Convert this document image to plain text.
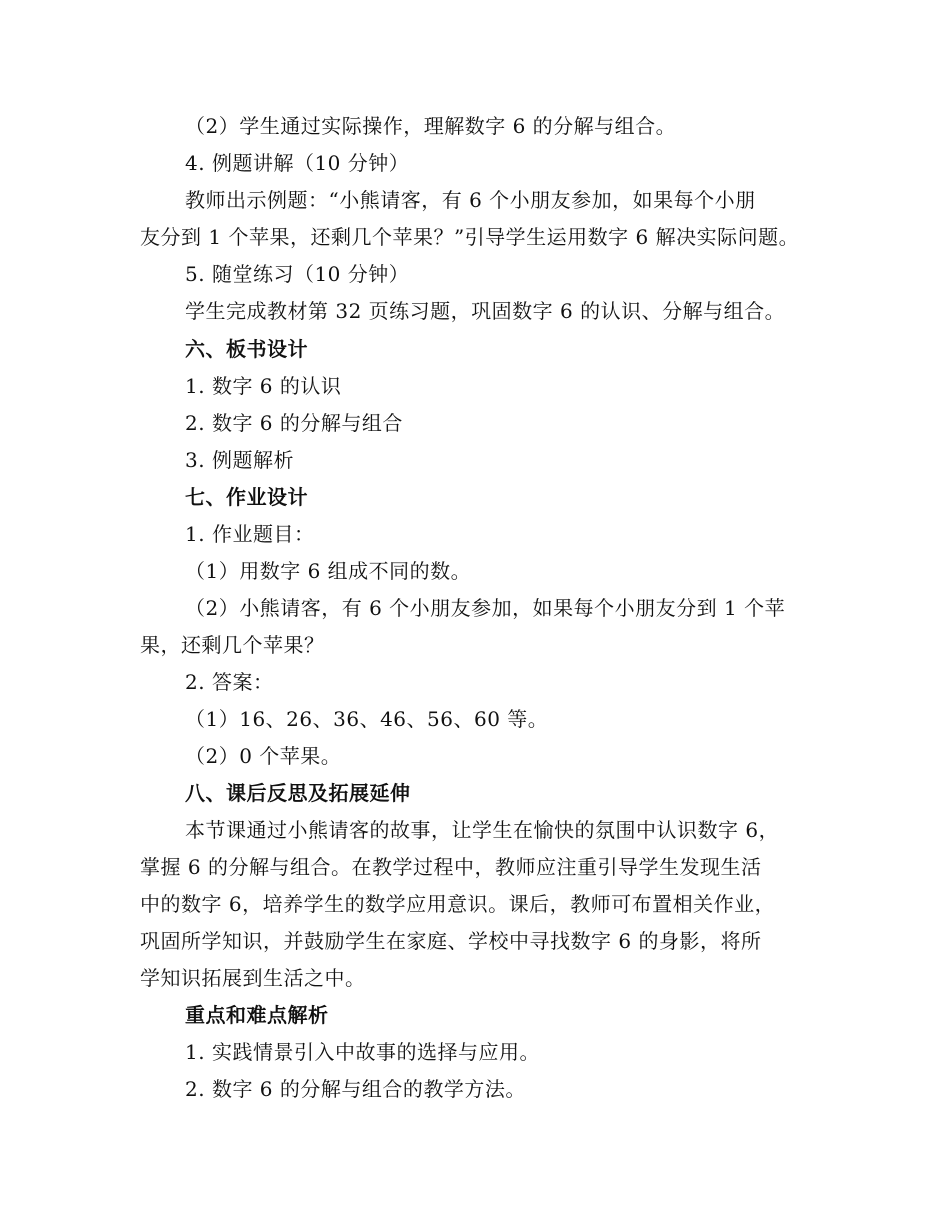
（2）学生通过实际操作，理解数字 6 的分解与组合。
4. 例题讲解（10 分钟）
教师出示例题：“小熊请客，有 6 个小朋友参加，如果每个小朋
友分到 1 个苹果，还剩几个苹果？”引导学生运用数字 6 解决实际问题。
5. 随堂练习（10 分钟）
学生完成教材第 32 页练习题，巩固数字 6 的认识、分解与组合。
六、板书设计
1. 数字 6 的认识
2. 数字 6 的分解与组合
3. 例题解析
七、作业设计
1. 作业题目：
（1）用数字 6 组成不同的数。
（2）小熊请客，有 6 个小朋友参加，如果每个小朋友分到 1 个苹
果，还剩几个苹果？
2. 答案：
（1）16、26、36、46、56、60 等。
（2）0 个苹果。
八、课后反思及拓展延伸
本节课通过小熊请客的故事，让学生在愉快的氛围中认识数字 6，
掌握 6 的分解与组合。在教学过程中，教师应注重引导学生发现生活
中的数字 6，培养学生的数学应用意识。课后，教师可布置相关作业，
巩固所学知识，并鼓励学生在家庭、学校中寻找数字 6 的身影，将所
学知识拓展到生活之中。
重点和难点解析
1. 实践情景引入中故事的选择与应用。
2. 数字 6 的分解与组合的教学方法。
